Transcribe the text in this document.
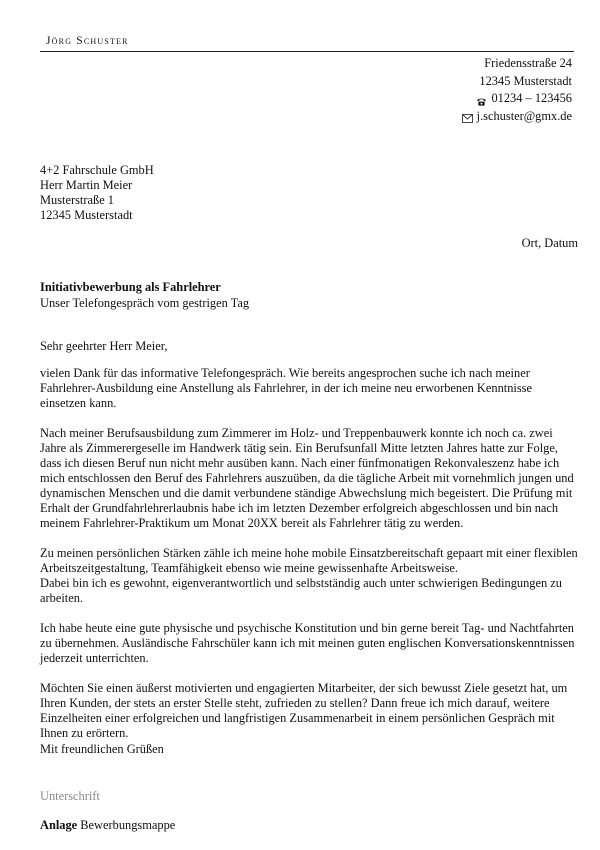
Jörg Schuster
Friedensstraße 24
12345 Musterstadt
01234 – 123456
j.schuster@gmx.de
4+2 Fahrschule GmbH
Herr Martin Meier
Musterstraße 1
12345 Musterstadt
Ort, Datum
Initiativbewerbung als Fahrlehrer
Unser Telefongespräch vom gestrigen Tag
Sehr geehrter Herr Meier,

vielen Dank für das informative Telefongespräch. Wie bereits angesprochen suche ich nach meiner Fahrlehrer-Ausbildung eine Anstellung als Fahrlehrer, in der ich meine neu erworbenen Kenntnisse einsetzen kann.

Nach meiner Berufsausbildung zum Zimmerer im Holz- und Treppenbauwerk konnte ich noch ca. zwei Jahre als Zimmerergeselle im Handwerk tätig sein. Ein Berufsunfall Mitte letzten Jahres hatte zur Folge, dass ich diesen Beruf nun nicht mehr ausüben kann. Nach einer fünfmonatigen Rekonvaleszenz habe ich mich entschlossen den Beruf des Fahrlehrers auszuüben, da die tägliche Arbeit mit vornehmlich jungen und dynamischen Menschen und die damit verbundene ständige Abwechslung mich begeistert. Die Prüfung mit Erhalt der Grundfahrlehrerlaubnis habe ich im letzten Dezember erfolgreich abgeschlossen und bin nach meinem Fahrlehrer-Praktikum um Monat 20XX bereit als Fahrlehrer tätig zu werden.

Zu meinen persönlichen Stärken zähle ich meine hohe mobile Einsatzbereitschaft gepaart mit einer flexiblen Arbeitszeitgestaltung, Teamfähigkeit ebenso wie meine gewissenhafte Arbeitsweise.
Dabei bin ich es gewohnt, eigenverantwortlich und selbstständig auch unter schwierigen Bedingungen zu arbeiten.

Ich habe heute eine gute physische und psychische Konstitution und bin gerne bereit Tag- und Nachtfahrten zu übernehmen. Ausländische Fahrschüler kann ich mit meinen guten englischen Konversationskenntnissen jederzeit unterrichten.

Möchten Sie einen äußerst motivierten und engagierten Mitarbeiter, der sich bewusst Ziele gesetzt hat, um Ihren Kunden, der stets an erster Stelle steht, zufrieden zu stellen? Dann freue ich mich darauf, weitere Einzelheiten einer erfolgreichen und langfristigen Zusammenarbeit in einem persönlichen Gespräch mit Ihnen zu erörtern.

Mit freundlichen Grüßen
Unterschrift
Anlage Bewerbungsmappe
